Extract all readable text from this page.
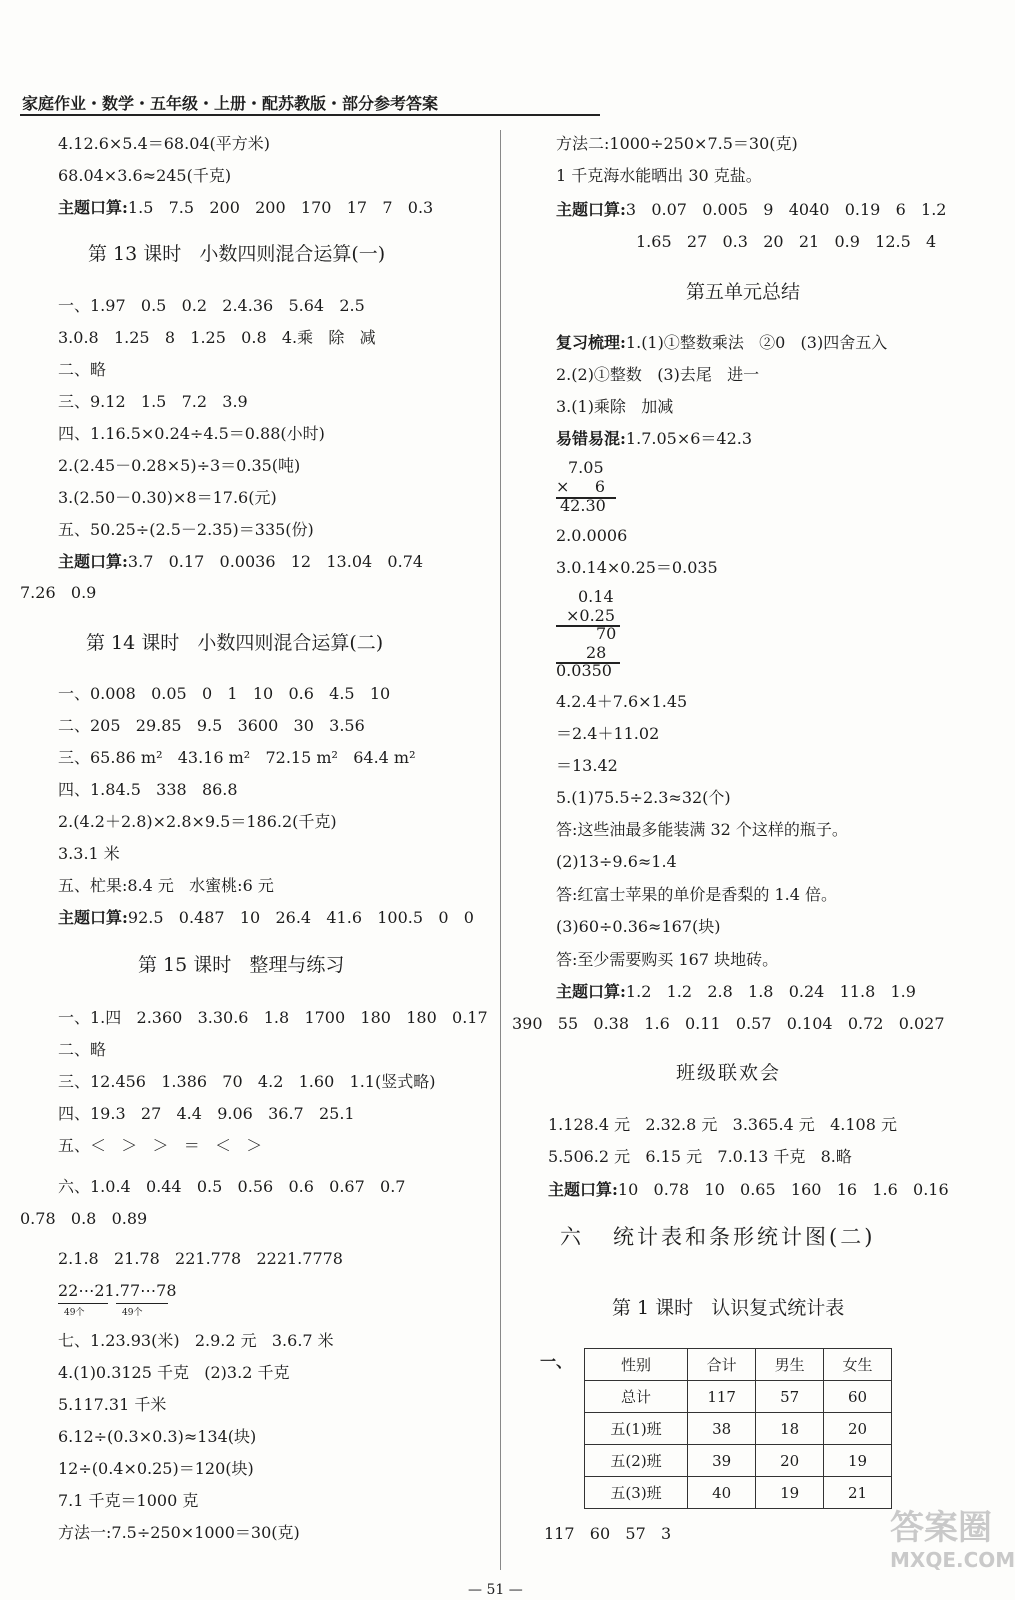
家庭作业・数学・五年级・上册・配苏教版・部分参考答案
4.12.6×5.4＝68.04(平方米)
68.04×3.6≈245(千克)
主题口算:1.5   7.5   200   200   170   17   7   0.3
第 13 课时   小数四则混合运算(一)
一、1.97   0.5   0.2   2.4.36   5.64   2.5
3.0.8   1.25   8   1.25   0.8   4.乘   除   减
二、略
三、9.12   1.5   7.2   3.9
四、1.16.5×0.24÷4.5＝0.88(小时)
2.(2.45－0.28×5)÷3＝0.35(吨)
3.(2.50－0.30)×8＝17.6(元)
五、50.25÷(2.5－2.35)＝335(份)
主题口算:3.7   0.17   0.0036   12   13.04   0.74
7.26   0.9
第 14 课时   小数四则混合运算(二)
一、0.008   0.05   0   1   10   0.6   4.5   10
二、205   29.85   9.5   3600   30   3.56
三、65.86 m²   43.16 m²   72.15 m²   64.4 m²
四、1.84.5   338   86.8
2.(4.2＋2.8)×2.8×9.5＝186.2(千克)
3.3.1 米
五、杧果:8.4 元   水蜜桃:6 元
主题口算:92.5   0.487   10   26.4   41.6   100.5   0   0
第 15 课时   整理与练习
一、1.四   2.360   3.30.6   1.8   1700   180   180   0.17
二、略
三、12.456   1.386   70   4.2   1.60   1.1(竖式略)
四、19.3   27   4.4   9.06   36.7   25.1
五、＜   ＞   ＞   ＝   ＜   ＞
六、1.0.4   0.44   0.5   0.56   0.6   0.67   0.7
0.78   0.8   0.89
2.1.8   21.78   221.778   2221.7778
22⋯21.77⋯78
49个	49个
七、1.23.93(米)   2.9.2 元   3.6.7 米
4.(1)0.3125 千克   (2)3.2 千克
5.117.31 千米
6.12÷(0.3×0.3)≈134(块)
12÷(0.4×0.25)＝120(块)
7.1 千克＝1000 克
方法一:7.5÷250×1000＝30(克)
方法二:1000÷250×7.5＝30(克)
1 千克海水能晒出 30 克盐。
主题口算:3   0.07   0.005   9   4040   0.19   6   1.2
1.65   27   0.3   20   21   0.9   12.5   4
第五单元总结
复习梳理:1.(1)①整数乘法   ②0   (3)四舍五入
2.(2)①整数   (3)去尾   进一
3.(1)乘除   加减
易错易混:1.7.05×6＝42.3
7.05
×     6
42.30
2.0.0006
3.0.14×0.25＝0.035
0.14
×0.25
70
28
0.0350
4.2.4＋7.6×1.45
＝2.4＋11.02
＝13.42
5.(1)75.5÷2.3≈32(个)
答:这些油最多能装满 32 个这样的瓶子。
(2)13÷9.6≈1.4
答:红富士苹果的单价是香梨的 1.4 倍。
(3)60÷0.36≈167(块)
答:至少需要购买 167 块地砖。
主题口算:1.2   1.2   2.8   1.8   0.24   11.8   1.9
390   55   0.38   1.6   0.11   0.57   0.104   0.72   0.027
班级联欢会
1.128.4 元   2.32.8 元   3.365.4 元   4.108 元
5.506.2 元   6.15 元   7.0.13 千克   8.略
主题口算:10   0.78   10   0.65   160   16   1.6   0.16
六   统计表和条形统计图(二)
第 1 课时   认识复式统计表
一、	性别	合计	男生	女生
总计	117	57	60
五(1)班	38	18	20
五(2)班	39	20	19
五(3)班	40	19	21
117   60   57   3	答案圈
MXQE.COM
— 51 —
